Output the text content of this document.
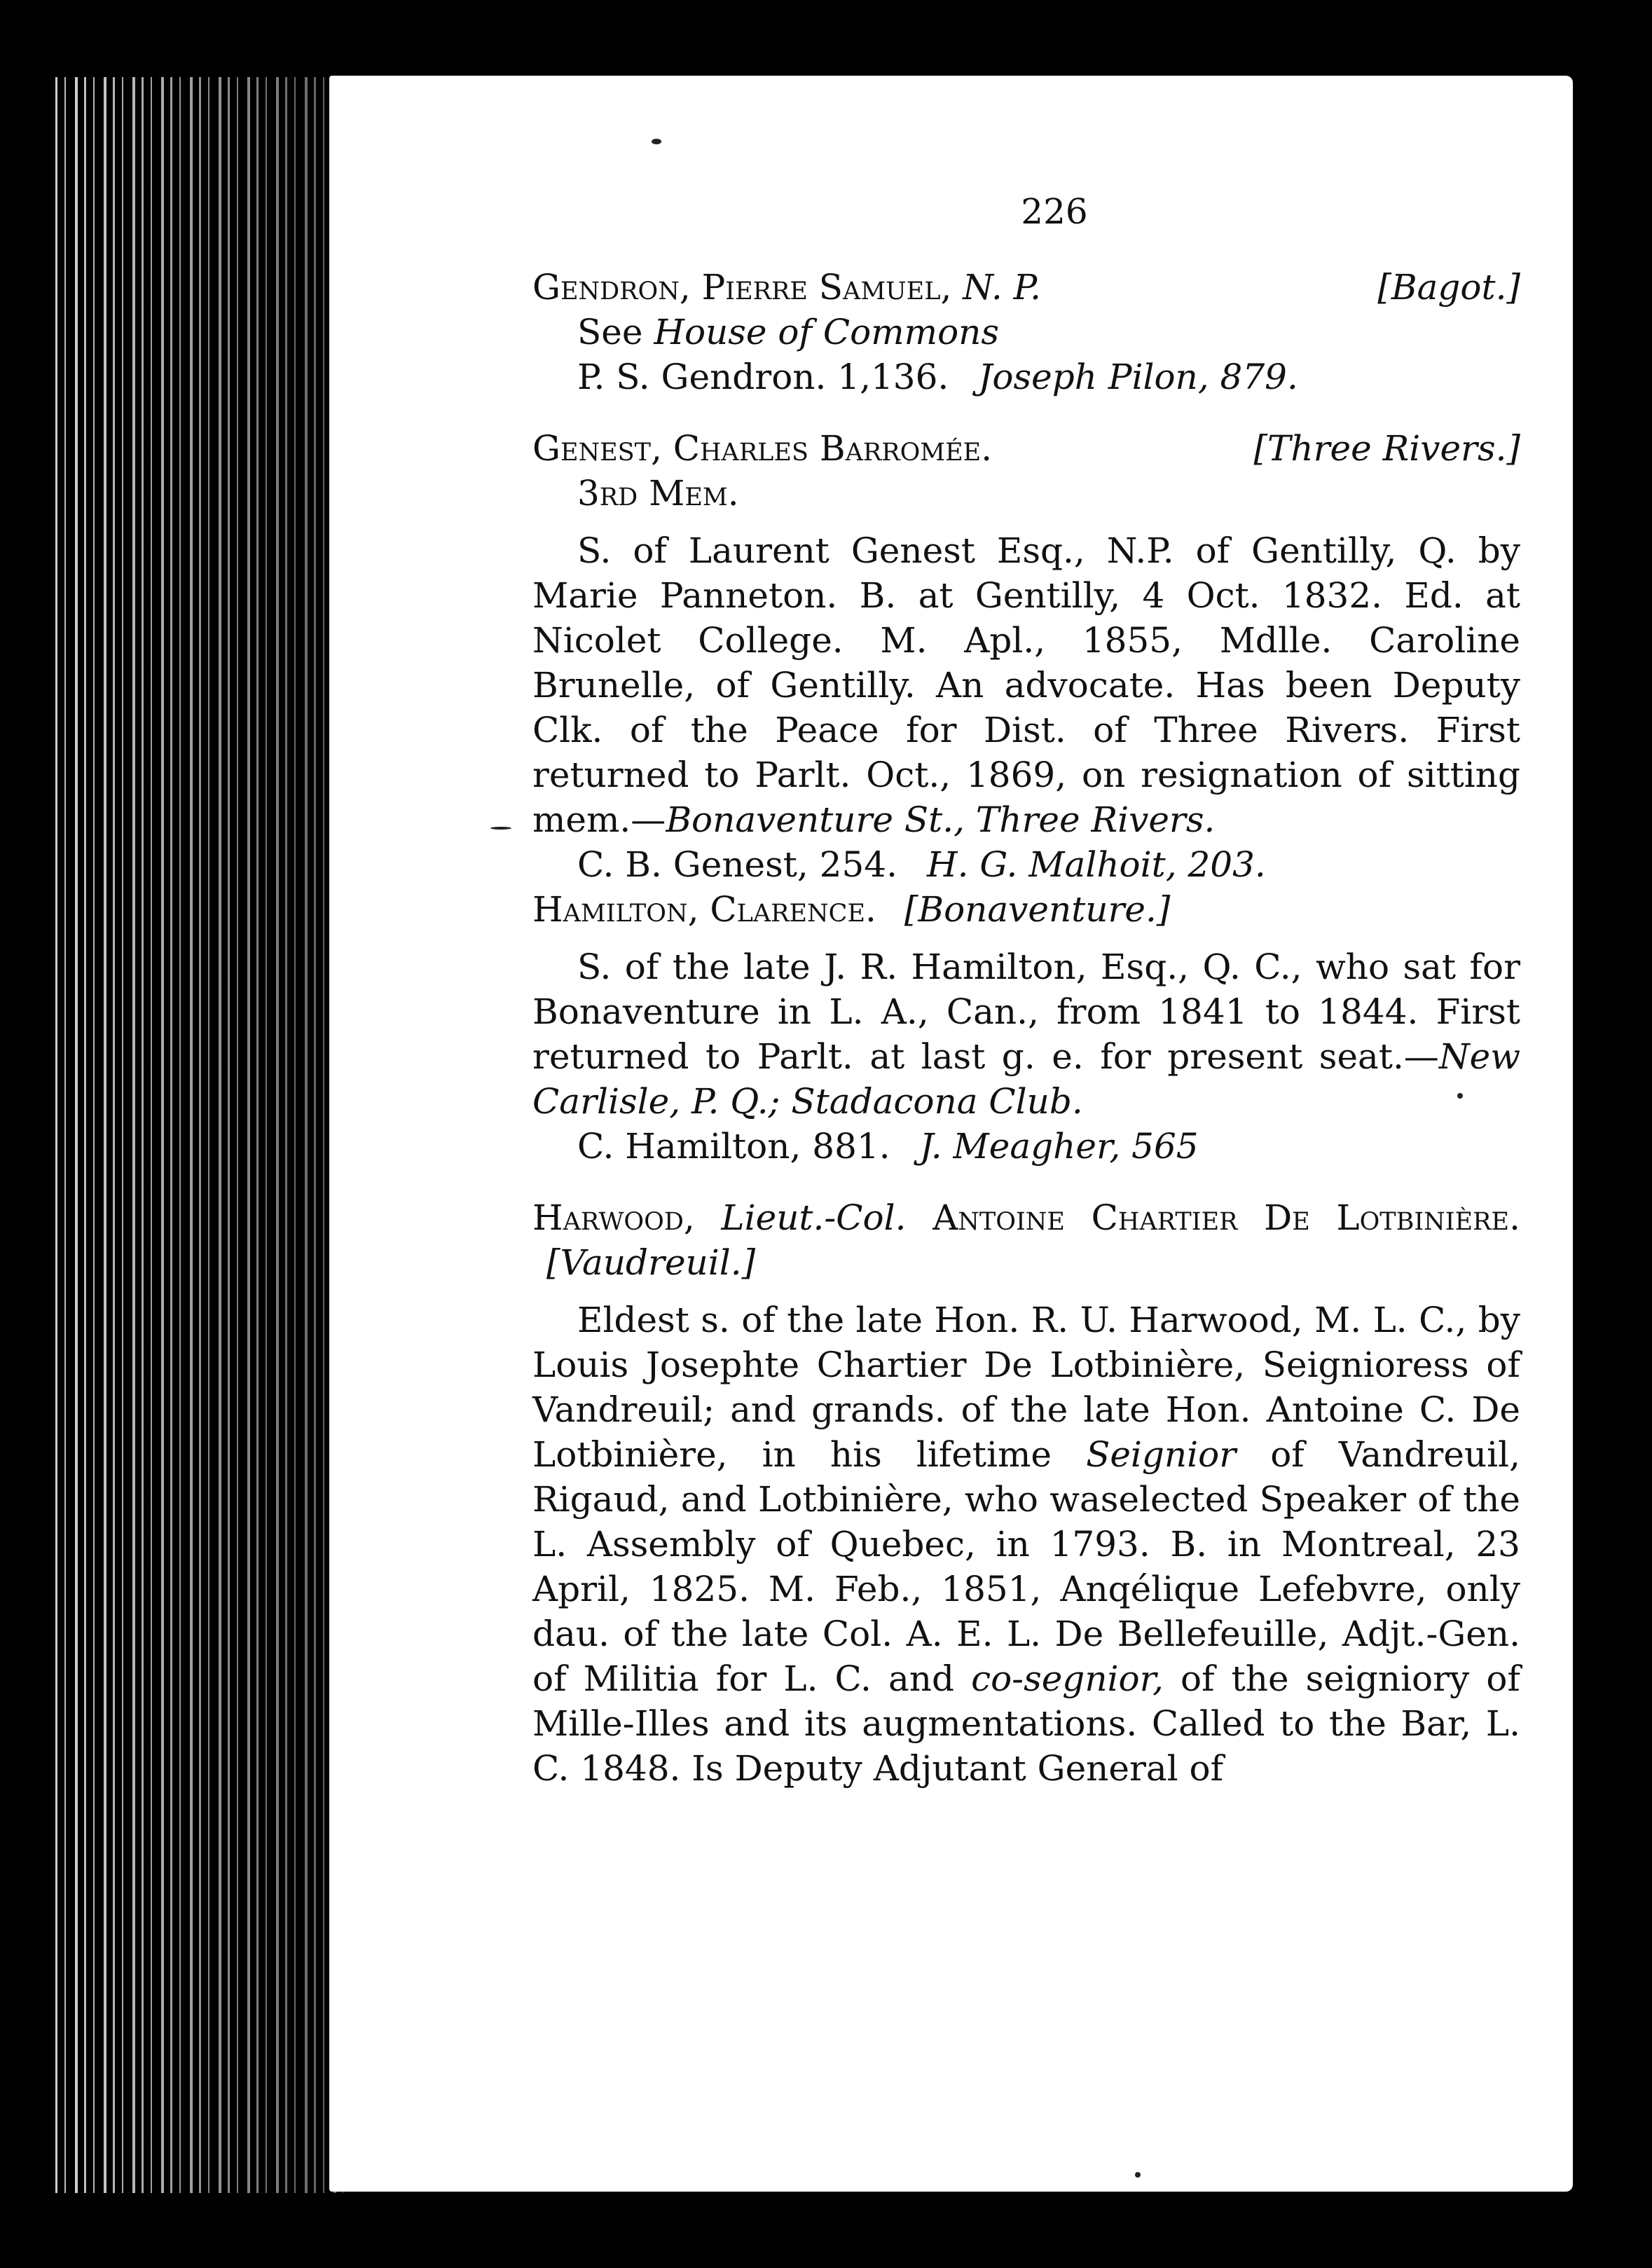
226
Gendron, Pierre Samuel, N. P.	[Bagot.]

See House of Commons

P. S. Gendron. 1,136. Joseph Pilon, 879.

Genest, Charles Barromée.	[Three Rivers.]

3rd Mem.

S. of Laurent Genest Esq., N.P. of Gentilly, Q. by Marie Panneton. B. at Gentilly, 4 Oct. 1832. Ed. at Nicolet College. M. Apl., 1855, Mdlle. Caroline Brunelle, of Gentilly. An advocate. Has been Deputy Clk. of the Peace for Dist. of Three Rivers. First returned to Parlt. Oct., 1869, on resignation of sitting mem.—Bonaventure St., Three Rivers.

C. B. Genest, 254. H. G. Malhoit, 203.

Hamilton, Clarence. [Bonaventure.]

S. of the late J. R. Hamilton, Esq., Q. C., who sat for Bonaventure in L. A., Can., from 1841 to 1844. First returned to Parlt. at last g. e. for present seat.—New Carlisle, P. Q.; Stadacona Club.

C. Hamilton, 881. J. Meagher, 565

Harwood, Lieut.-Col. Antoine Chartier De Lotbinière. [Vaudreuil.]

Eldest s. of the late Hon. R. U. Harwood, M. L. C., by Louis Josephte Chartier De Lotbinière, Seignioress of Vandreuil; and grands. of the late Hon. Antoine C. De Lotbinière, in his lifetime Seignior of Vandreuil, Rigaud, and Lotbinière, who waselected Speaker of the L. Assembly of Quebec, in 1793. B. in Montreal, 23 April, 1825. M. Feb., 1851, Anqélique Lefebvre, only dau. of the late Col. A. E. L. De Bellefeuille, Adjt.-Gen. of Militia for L. C. and co-segnior, of the seigniory of Mille-Illes and its augmentations. Called to the Bar, L. C. 1848. Is Deputy Adjutant General of
